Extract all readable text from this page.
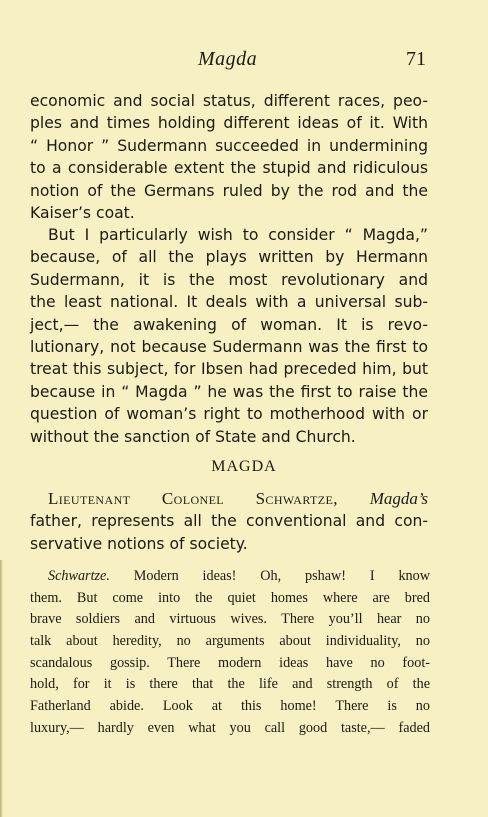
Magda	71
economic and social status, different races, peo-
ples and times holding different ideas of it. With
“ Honor ” Sudermann succeeded in undermining
to a considerable extent the stupid and ridiculous
notion of the Germans ruled by the rod and the
Kaiser’s coat.
But I particularly wish to consider “ Magda,”
because, of all the plays written by Hermann
Sudermann, it is the most revolutionary and
the least national. It deals with a universal sub-
ject,— the awakening of woman. It is revo-
lutionary, not because Sudermann was the first to
treat this subject, for Ibsen had preceded him, but
because in “ Magda ” he was the first to raise the
question of woman’s right to motherhood with or
without the sanction of State and Church.
MAGDA
Lieutenant Colonel Schwartze, Magda’s
father, represents all the conventional and con-
servative notions of society.
Schwartze. Modern ideas! Oh, pshaw! I know
them. But come into the quiet homes where are bred
brave soldiers and virtuous wives. There you’ll hear no
talk about heredity, no arguments about individuality, no
scandalous gossip. There modern ideas have no foot-
hold, for it is there that the life and strength of the
Fatherland abide. Look at this home! There is no
luxury,— hardly even what you call good taste,— faded
